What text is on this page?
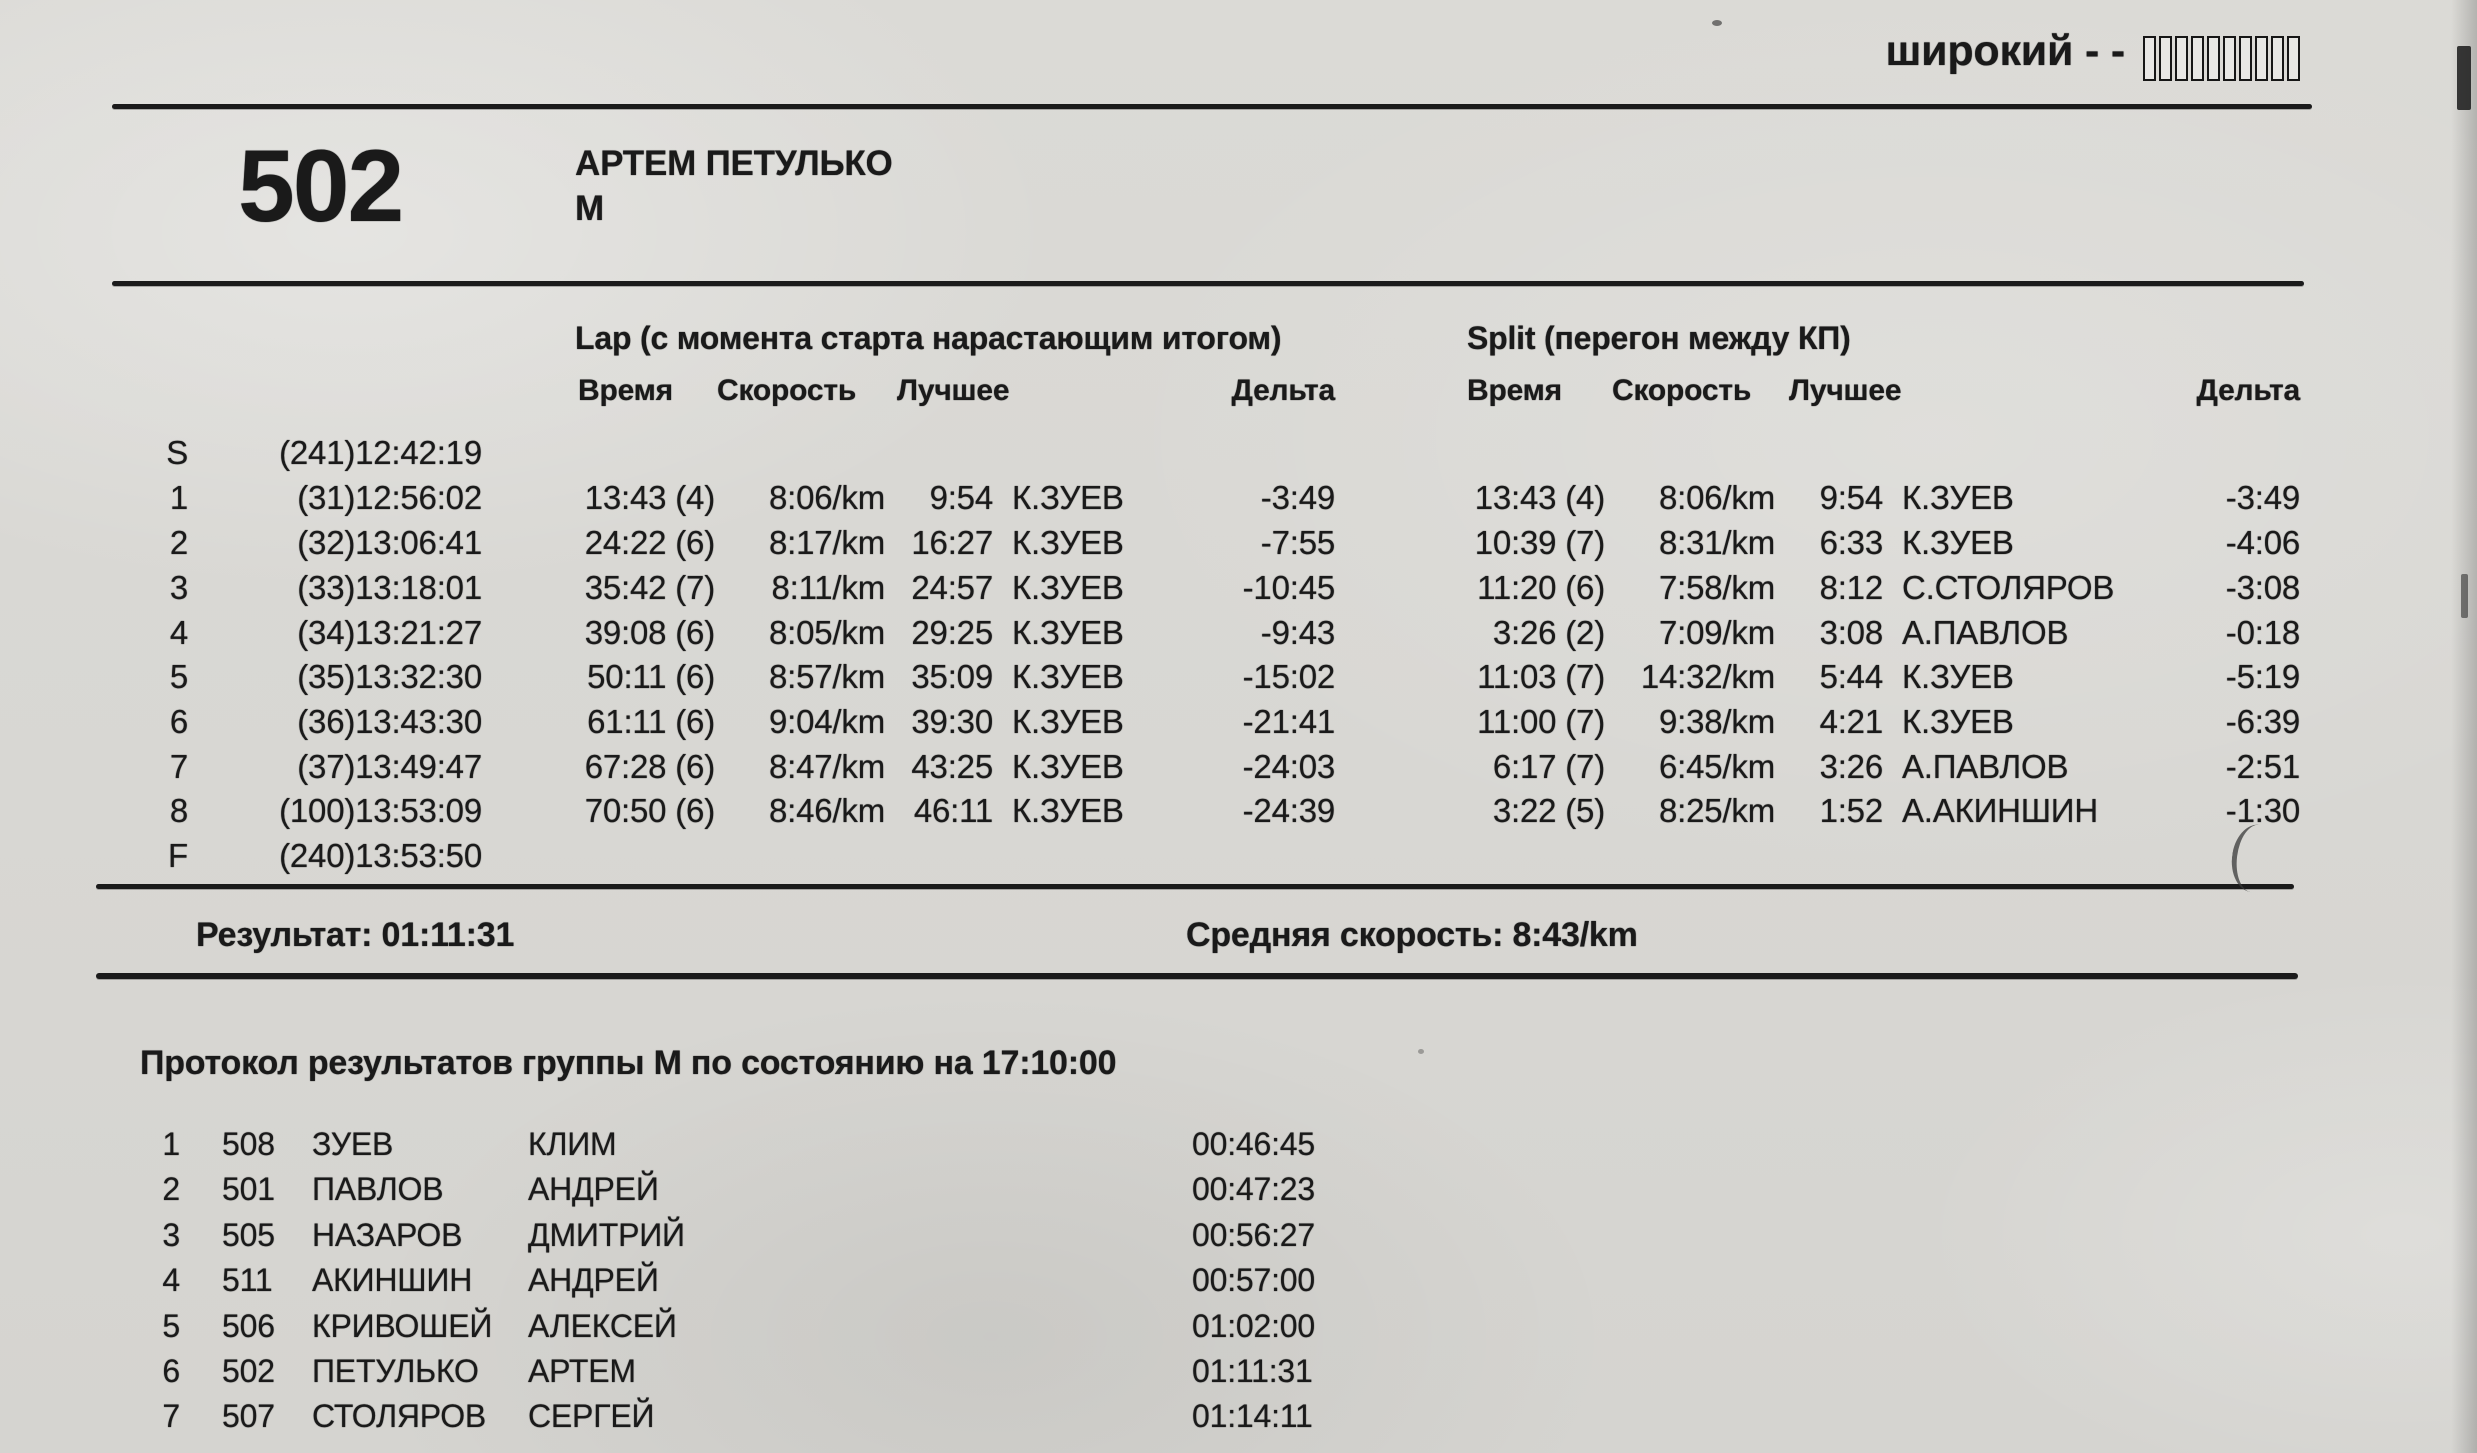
широкий - -
502	АРТЕМ ПЕТУЛЬКО
М
Lap (с момента старта нарастающим итогом)	Split (перегон между КП)
Время Скорость Лучшее	Дельта	Время Скорость Лучшее	Дельта
S	(241)12:42:19
1	(31)12:56:02	13:43 (4)	8:06/km	9:54 К.ЗУЕВ	-3:49	13:43 (4)	8:06/km	9:54 К.ЗУЕВ	-3:49
2	(32)13:06:41	24:22 (6)	8:17/km 16:27 К.ЗУЕВ	-7:55	10:39 (7)	8:31/km	6:33 К.ЗУЕВ	-4:06
3	(33)13:18:01	35:42 (7)	8:11/km 24:57 К.ЗУЕВ	-10:45	11:20 (6)	7:58/km	8:12 С.СТОЛЯРОВ	-3:08
4	(34)13:21:27	39:08 (6)	8:05/km 29:25 К.ЗУЕВ	-9:43	3:26 (2)	7:09/km	3:08 А.ПАВЛОВ	-0:18
5	(35)13:32:30	50:11 (6)	8:57/km 35:09 К.ЗУЕВ	-15:02	11:03 (7)	14:32/km	5:44 К.ЗУЕВ	-5:19
6	(36)13:43:30	61:11 (6)	9:04/km 39:30 К.ЗУЕВ	-21:41	11:00 (7)	9:38/km	4:21 К.ЗУЕВ	-6:39
7	(37)13:49:47	67:28 (6)	8:47/km 43:25 К.ЗУЕВ	-24:03	6:17 (7)	6:45/km	3:26 А.ПАВЛОВ	-2:51
8	(100)13:53:09	70:50 (6)	8:46/km 46:11 К.ЗУЕВ	-24:39	3:22 (5)	8:25/km	1:52 А.АКИНШИН	-1:30
F	(240)13:53:50
Результат: 01:11:31	Средняя скорость: 8:43/km
Протокол результатов группы М по состоянию на 17:10:00
1 508	ЗУЕВ	КЛИМ	00:46:45
2 501	ПАВЛОВ	АНДРЕЙ	00:47:23
3 505	НАЗАРОВ	ДМИТРИЙ	00:56:27
4 511	АКИНШИН	АНДРЕЙ	00:57:00
5 506	КРИВОШЕЙ	АЛЕКСЕЙ	01:02:00
6 502	ПЕТУЛЬКО	АРТЕМ	01:11:31
7 507	СТОЛЯРОВ	СЕРГЕЙ	01:14:11
